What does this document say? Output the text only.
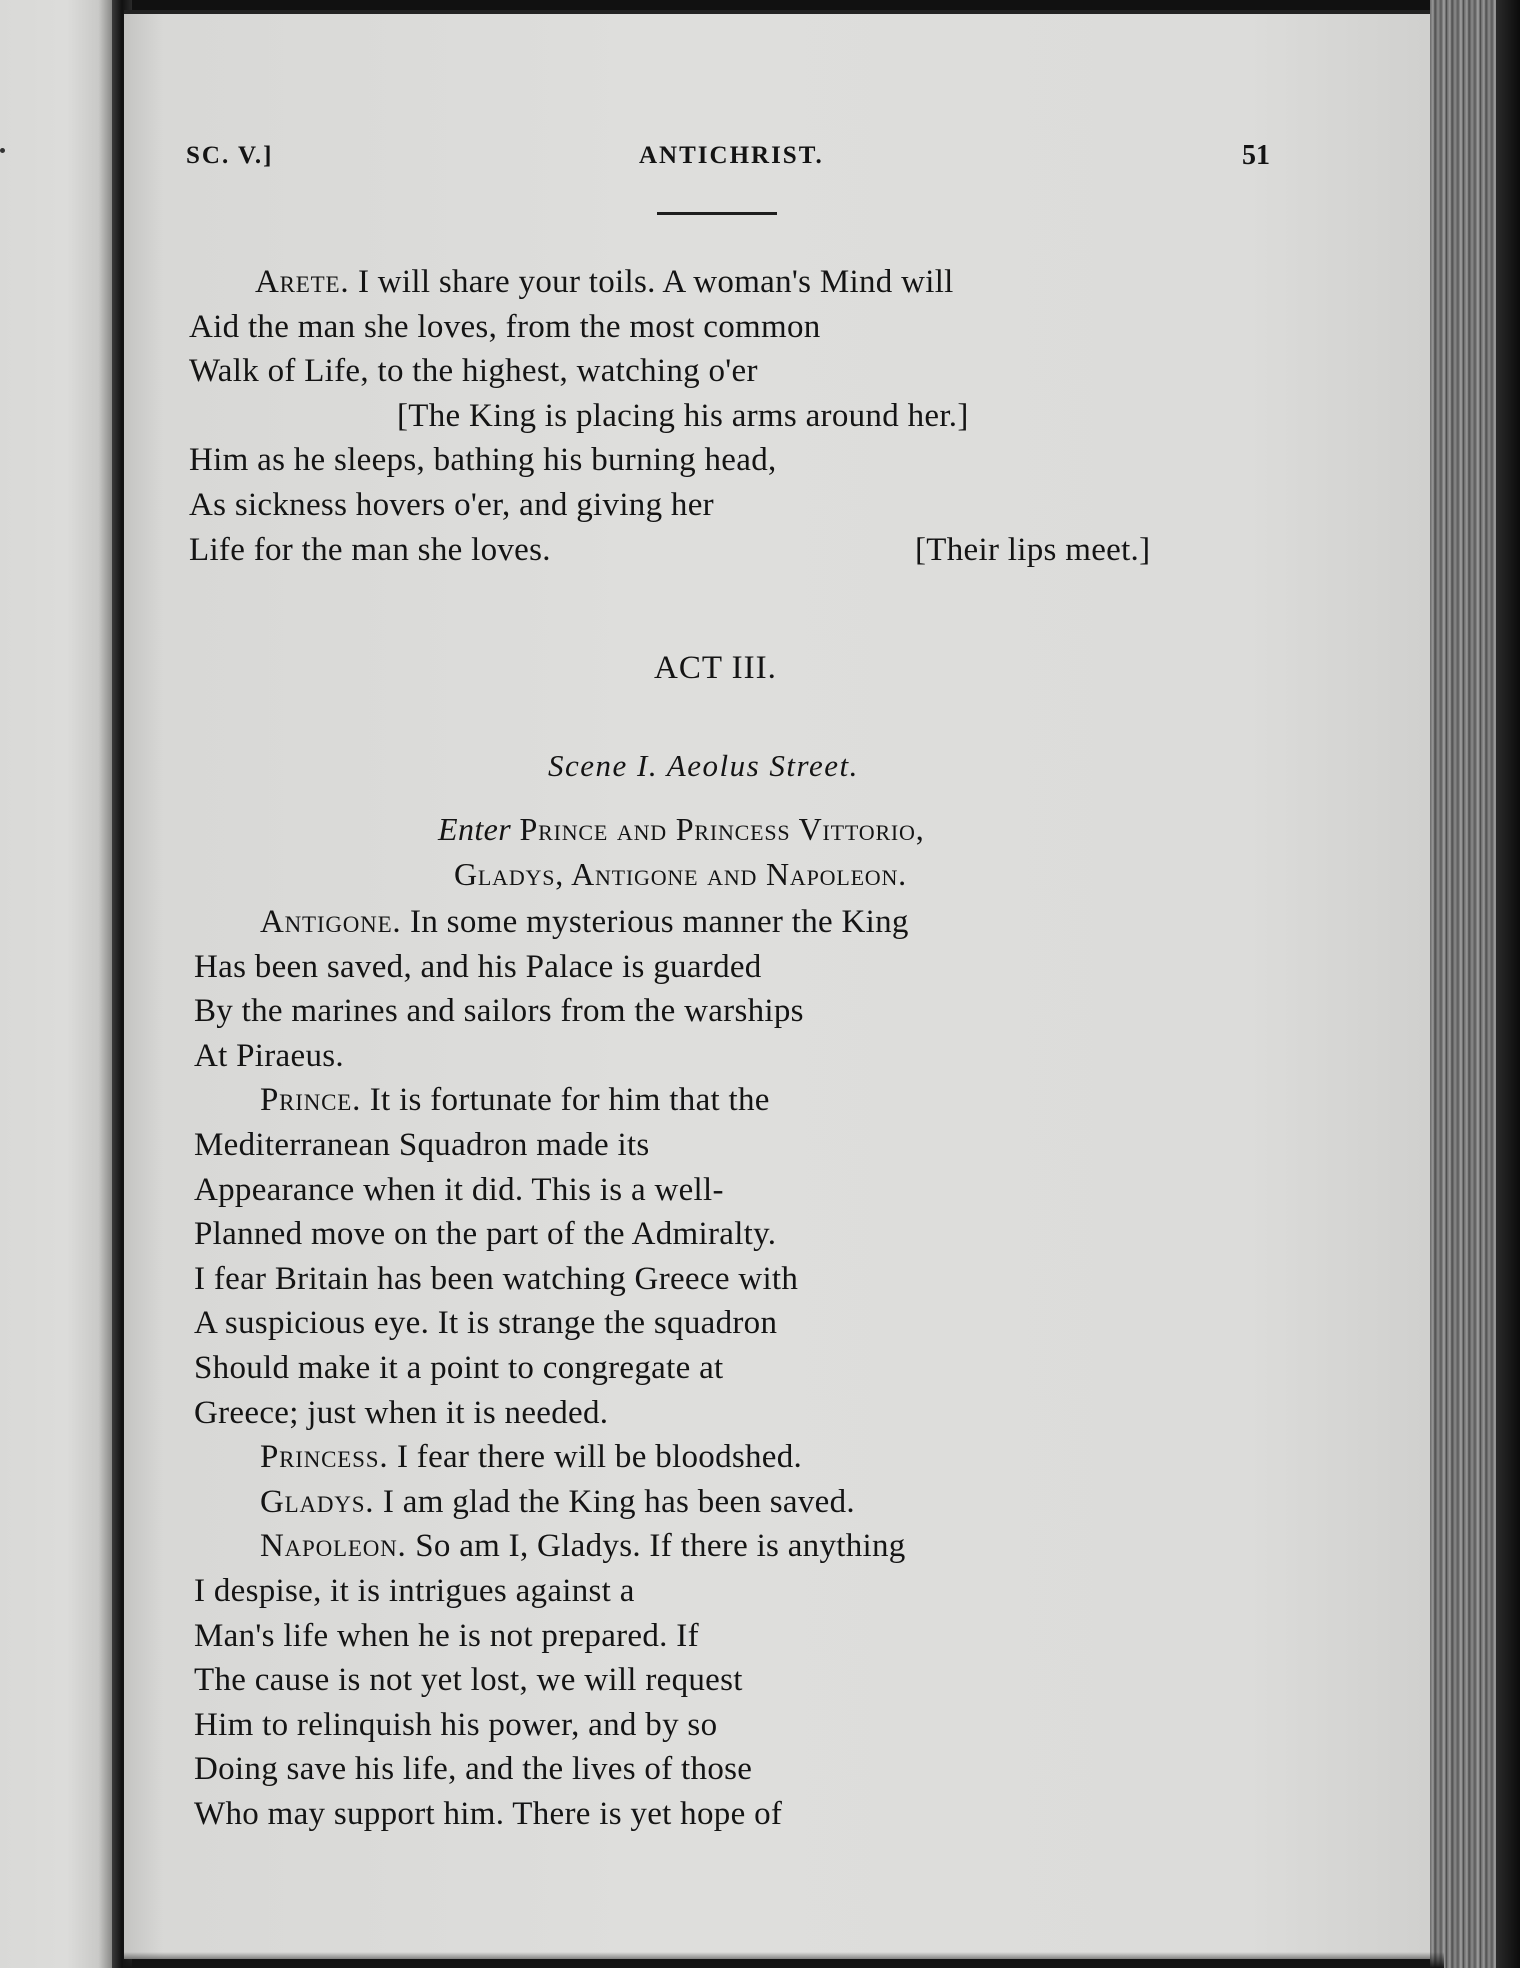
SC. V.]	ANTICHRIST.	51
Arete. I will share your toils. A woman's Mind will
Aid the man she loves, from the most common
Walk of Life, to the highest, watching o'er
[The King is placing his arms around her.]
Him as he sleeps, bathing his burning head,
As sickness hovers o'er, and giving her
Life for the man she loves.	[Their lips meet.]
ACT III.
Scene I. Aeolus Street.
Enter Prince and Princess Vittorio,
Gladys, Antigone and Napoleon.
Antigone. In some mysterious manner the King
Has been saved, and his Palace is guarded
By the marines and sailors from the warships
At Piraeus.
Prince. It is fortunate for him that the
Mediterranean Squadron made its
Appearance when it did. This is a well-
Planned move on the part of the Admiralty.
I fear Britain has been watching Greece with
A suspicious eye. It is strange the squadron
Should make it a point to congregate at
Greece; just when it is needed.
Princess. I fear there will be bloodshed.
Gladys. I am glad the King has been saved.
Napoleon. So am I, Gladys. If there is anything
I despise, it is intrigues against a
Man's life when he is not prepared. If
The cause is not yet lost, we will request
Him to relinquish his power, and by so
Doing save his life, and the lives of those
Who may support him. There is yet hope of
